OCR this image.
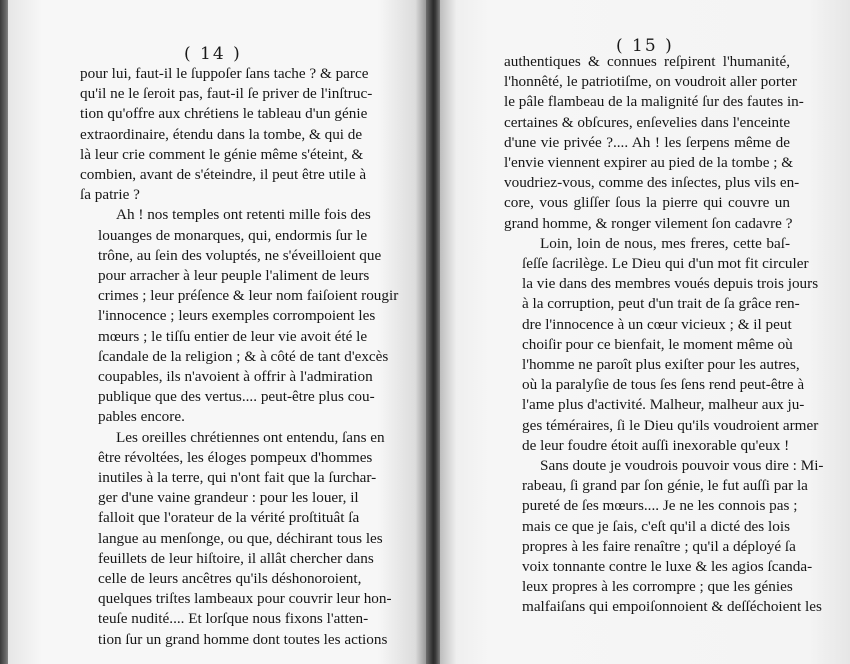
( 14 )

pour lui, faut-il le ſuppoſer ſans tache ? & parce
qu'il ne le ſeroit pas, faut-il ſe priver de l'inſtruc-
tion qu'offre aux chrétiens le tableau d'un génie
extraordinaire, étendu dans la tombe, & qui de
là leur crie comment le génie même s'éteint, &
combien, avant de s'éteindre, il peut être utile à
ſa patrie ?

Ah ! nos temples ont retenti mille fois des
louanges de monarques, qui, endormis ſur le
trône, au ſein des voluptés, ne s'éveilloient que
pour arracher à leur peuple l'aliment de leurs
crimes ; leur préſence & leur nom faiſoient rougir
l'innocence ; leurs exemples corrompoient les
mœurs ; le tiſſu entier de leur vie avoit été le
ſcandale de la religion ; & à côté de tant d'excès
coupables, ils n'avoient à offrir à l'admiration
publique que des vertus.... peut-être plus cou-
pables encore.

Les oreilles chrétiennes ont entendu, ſans en
être révoltées, les éloges pompeux d'hommes
inutiles à la terre, qui n'ont fait que la ſurchar-
ger d'une vaine grandeur : pour les louer, il
falloit que l'orateur de la vérité proſtituât ſa
langue au menſonge, ou que, déchirant tous les
feuillets de leur hiſtoire, il allât chercher dans
celle de leurs ancêtres qu'ils déshonoroient,
quelques triſtes lambeaux pour couvrir leur hon-
teuſe nudité.... Et lorſque nous fixons l'atten-
tion ſur un grand homme dont toutes les actions

( 15 )

authentiques & connues reſpirent l'humanité,
l'honnêté, le patriotiſme, on voudroit aller porter
le pâle flambeau de la malignité ſur des fautes in-
certaines & obſcures, enſevelies dans l'enceinte
d'une vie privée ?.... Ah ! les ſerpens même de
l'envie viennent expirer au pied de la tombe ; &
voudriez-vous, comme des inſectes, plus vils en-
core, vous gliſſer ſous la pierre qui couvre un
grand homme, & ronger vilement ſon cadavre ?

Loin, loin de nous, mes freres, cette baſ-
ſeſſe ſacrilège. Le Dieu qui d'un mot fit circuler
la vie dans des membres voués depuis trois jours
à la corruption, peut d'un trait de ſa grâce ren-
dre l'innocence à un cœur vicieux ; & il peut
choiſir pour ce bienfait, le moment même où
l'homme ne paroît plus exiſter pour les autres,
où la paralyſie de tous ſes ſens rend peut-être à
l'ame plus d'activité. Malheur, malheur aux ju-
ges téméraires, ſi le Dieu qu'ils voudroient armer
de leur foudre étoit auſſi inexorable qu'eux !

Sans doute je voudrois pouvoir vous dire : Mi-
rabeau, ſi grand par ſon génie, le fut auſſi par la
pureté de ſes mœurs.... Je ne les connois pas ;
mais ce que je ſais, c'eſt qu'il a dicté des lois
propres à les faire renaître ; qu'il a déployé ſa
voix tonnante contre le luxe & les agios ſcanda-
leux propres à les corrompre ; que les génies
malfaiſans qui empoiſonnoient & deſſéchoient les
